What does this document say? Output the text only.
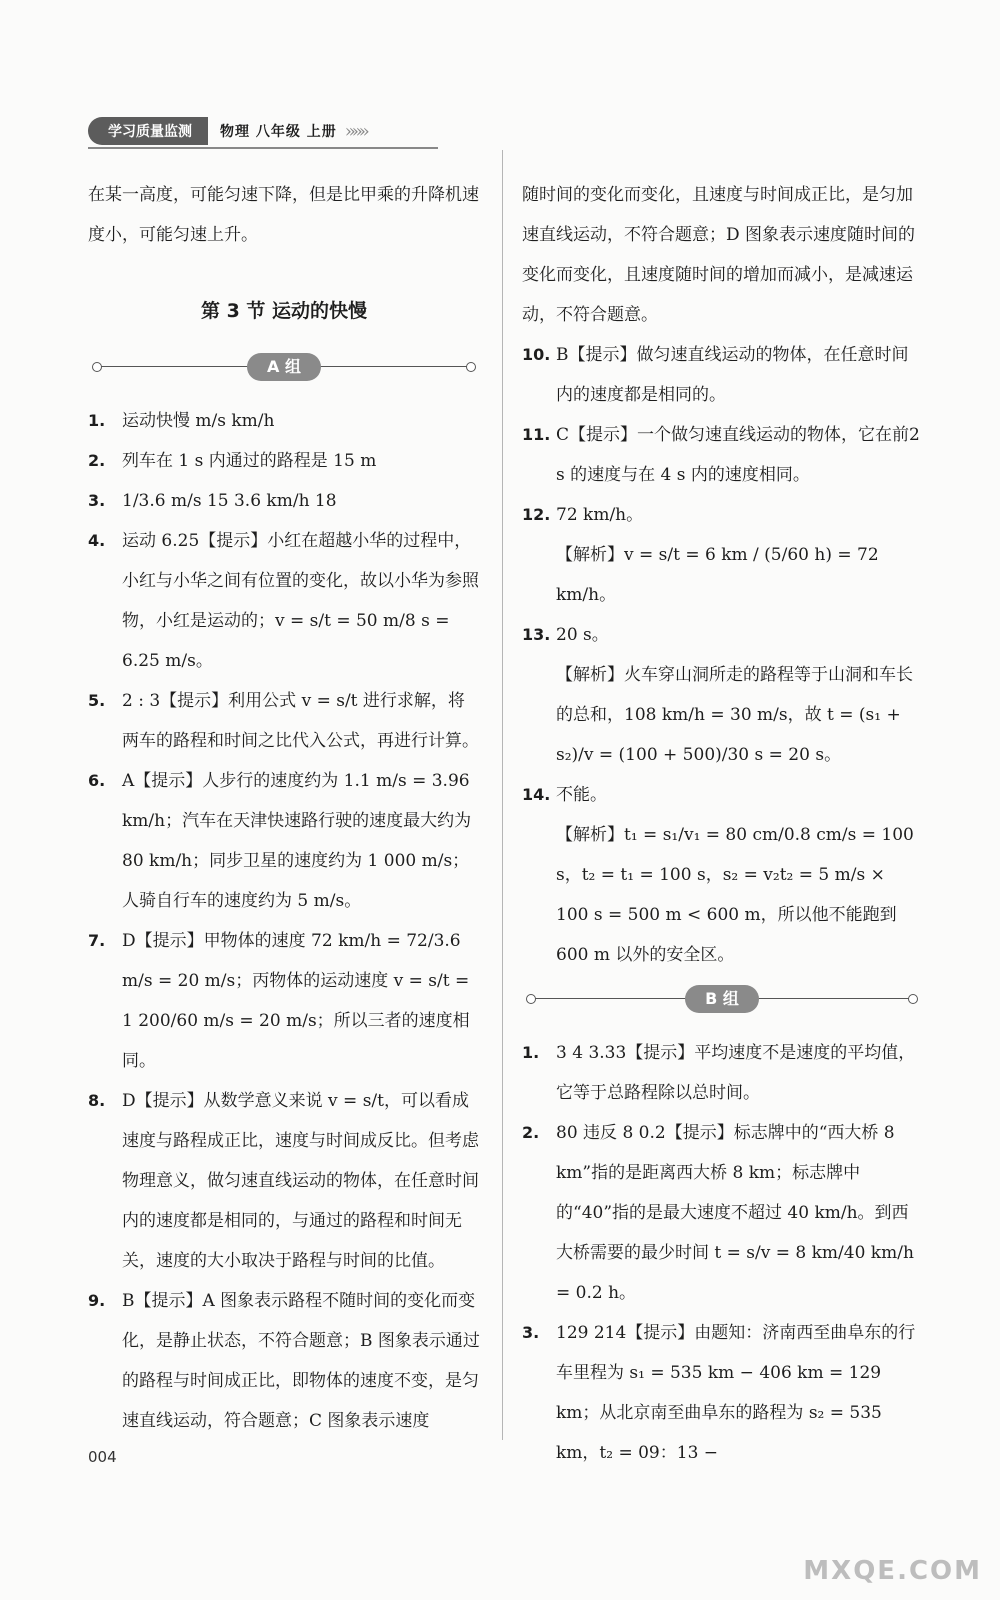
学习质量监测	物理 八年级 上册 »»»

在某一高度，可能匀速下降，但是比甲乘的升降机速度小，可能匀速上升。

第 3 节 运动的快慢
A 组
1. 运动快慢 m/s km/h
2. 列车在 1 s 内通过的路程是 15 m
3. 1/3.6 m/s 15 3.6 km/h 18
4. 运动 6.25【提示】小红在超越小华的过程中，小红与小华之间有位置的变化，故以小华为参照物，小红是运动的；v = s/t = 50 m/8 s = 6.25 m/s。
5. 2 : 3【提示】利用公式 v = s/t 进行求解，将两车的路程和时间之比代入公式，再进行计算。
6. A【提示】人步行的速度约为 1.1 m/s = 3.96 km/h；汽车在天津快速路行驶的速度最大约为 80 km/h；同步卫星的速度约为 1 000 m/s；人骑自行车的速度约为 5 m/s。
7. D【提示】甲物体的速度 72 km/h = 72/3.6 m/s = 20 m/s；丙物体的运动速度 v = s/t = 1 200/60 m/s = 20 m/s；所以三者的速度相同。
8. D【提示】从数学意义来说 v = s/t，可以看成速度与路程成正比，速度与时间成反比。但考虑物理意义，做匀速直线运动的物体，在任意时间内的速度都是相同的，与通过的路程和时间无关，速度的大小取决于路程与时间的比值。
9. B【提示】A 图象表示路程不随时间的变化而变化，是静止状态，不符合题意；B 图象表示通过的路程与时间成正比，即物体的速度不变，是匀速直线运动，符合题意；C 图象表示速度

随时间的变化而变化，且速度与时间成正比，是匀加速直线运动，不符合题意；D 图象表示速度随时间的变化而变化，且速度随时间的增加而减小，是减速运动，不符合题意。

10. B【提示】做匀速直线运动的物体，在任意时间内的速度都是相同的。
11. C【提示】一个做匀速直线运动的物体，它在前2 s 的速度与在 4 s 内的速度相同。
12. 72 km/h。
【解析】v = s/t = 6 km / (5/60 h) = 72 km/h。
13. 20 s。
【解析】火车穿山洞所走的路程等于山洞和车长的总和，108 km/h = 30 m/s，故 t = (s₁ + s₂)/v = (100 + 500)/30 s = 20 s。
14. 不能。
【解析】t₁ = s₁/v₁ = 80 cm/0.8 cm/s = 100 s，t₂ = t₁ = 100 s，s₂ = v₂t₂ = 5 m/s × 100 s = 500 m < 600 m，所以他不能跑到 600 m 以外的安全区。
B 组
1. 3 4 3.33【提示】平均速度不是速度的平均值，它等于总路程除以总时间。
2. 80 违反 8 0.2【提示】标志牌中的“西大桥 8 km”指的是距离西大桥 8 km；标志牌中的“40”指的是最大速度不超过 40 km/h。到西大桥需要的最少时间 t = s/v = 8 km/40 km/h = 0.2 h。
3. 129 214【提示】由题知：济南西至曲阜东的行车里程为 s₁ = 535 km − 406 km = 129 km；从北京南至曲阜东的路程为 s₂ = 535 km，t₂ = 09：13 −
004
MXQE.COM
